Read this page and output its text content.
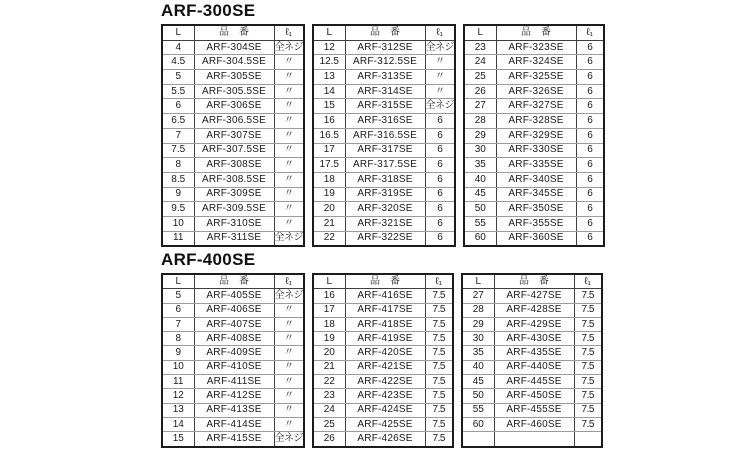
ARF-300SE
L	品　番	ℓ₁
4	ARF-304SE	全ネジ
4.5	ARF-304.5SE	〃
5	ARF-305SE	〃
5.5	ARF-305.5SE	〃
6	ARF-306SE	〃
6.5	ARF-306.5SE	〃
7	ARF-307SE	〃
7.5	ARF-307.5SE	〃
8	ARF-308SE	〃
8.5	ARF-308.5SE	〃
9	ARF-309SE	〃
9.5	ARF-309.5SE	〃
10	ARF-310SE	〃
11	ARF-311SE	全ネジ
L	品　番	ℓ₁
12	ARF-312SE	全ネジ
12.5	ARF-312.5SE	〃
13	ARF-313SE	〃
14	ARF-314SE	〃
15	ARF-315SE	全ネジ
16	ARF-316SE	6
16.5	ARF-316.5SE	6
17	ARF-317SE	6
17.5	ARF-317.5SE	6
18	ARF-318SE	6
19	ARF-319SE	6
20	ARF-320SE	6
21	ARF-321SE	6
22	ARF-322SE	6
L	品　番	ℓ₁
23	ARF-323SE	6
24	ARF-324SE	6
25	ARF-325SE	6
26	ARF-326SE	6
27	ARF-327SE	6
28	ARF-328SE	6
29	ARF-329SE	6
30	ARF-330SE	6
35	ARF-335SE	6
40	ARF-340SE	6
45	ARF-345SE	6
50	ARF-350SE	6
55	ARF-355SE	6
60	ARF-360SE	6
ARF-400SE
L	品　番	ℓ₁
5	ARF-405SE	全ネジ
6	ARF-406SE	〃
7	ARF-407SE	〃
8	ARF-408SE	〃
9	ARF-409SE	〃
10	ARF-410SE	〃
11	ARF-411SE	〃
12	ARF-412SE	〃
13	ARF-413SE	〃
14	ARF-414SE	〃
15	ARF-415SE	全ネジ
L	品　番	ℓ₁
16	ARF-416SE	7.5
17	ARF-417SE	7.5
18	ARF-418SE	7.5
19	ARF-419SE	7.5
20	ARF-420SE	7.5
21	ARF-421SE	7.5
22	ARF-422SE	7.5
23	ARF-423SE	7.5
24	ARF-424SE	7.5
25	ARF-425SE	7.5
26	ARF-426SE	7.5
L	品　番	ℓ₁
27	ARF-427SE	7.5
28	ARF-428SE	7.5
29	ARF-429SE	7.5
30	ARF-430SE	7.5
35	ARF-435SE	7.5
40	ARF-440SE	7.5
45	ARF-445SE	7.5
50	ARF-450SE	7.5
55	ARF-455SE	7.5
60	ARF-460SE	7.5
